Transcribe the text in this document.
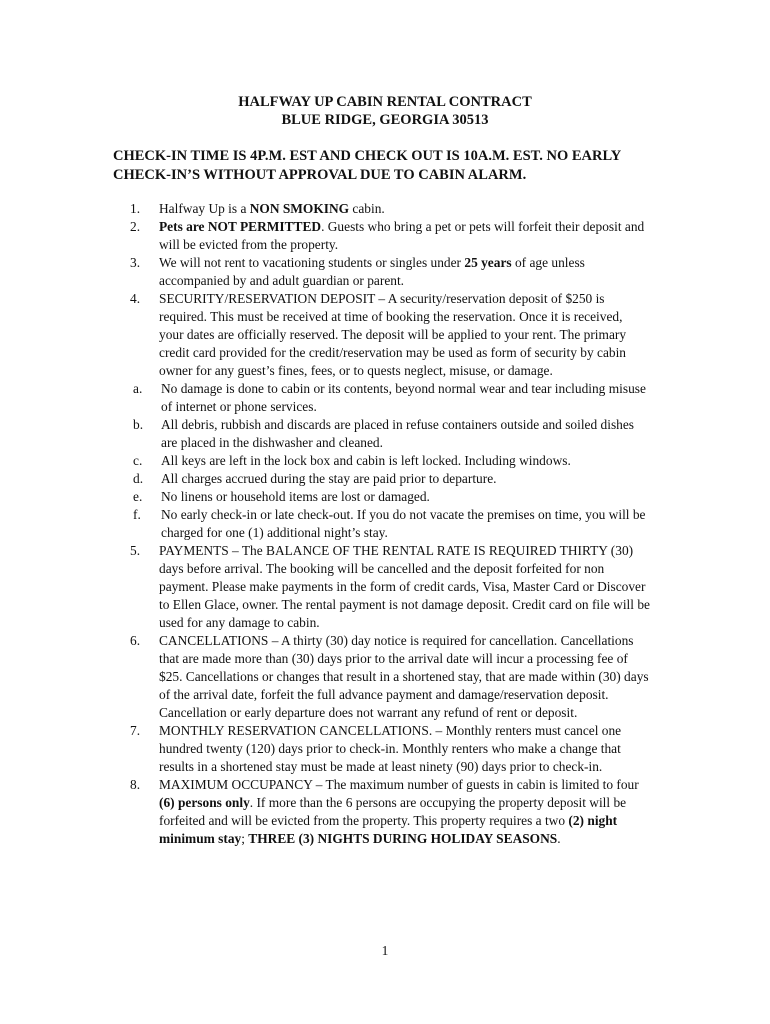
HALFWAY UP CABIN RENTAL CONTRACT
BLUE RIDGE, GEORGIA 30513
CHECK-IN TIME IS 4P.M. EST AND CHECK OUT IS 10A.M. EST. NO EARLY
CHECK-IN’S WITHOUT APPROVAL DUE TO CABIN ALARM.
1.	Halfway Up is a NON SMOKING cabin.
2.	Pets are NOT PERMITTED. Guests who bring a pet or pets will forfeit their deposit and will be evicted from the property.
3.	We will not rent to vacationing students or singles under 25 years of age unless accompanied by and adult guardian or parent.
4.	SECURITY/RESERVATION DEPOSIT – A security/reservation deposit of $250 is required. This must be received at time of booking the reservation. Once it is received, your dates are officially reserved. The deposit will be applied to your rent. The primary credit card provided for the credit/reservation may be used as form of security by cabin owner for any guest’s fines, fees, or to quests neglect, misuse, or damage.
a.	No damage is done to cabin or its contents, beyond normal wear and tear including misuse of internet or phone services.
b.	All debris, rubbish and discards are placed in refuse containers outside and soiled dishes are placed in the dishwasher and cleaned.
c.	All keys are left in the lock box and cabin is left locked. Including windows.
d.	All charges accrued during the stay are paid prior to departure.
e.	No linens or household items are lost or damaged.
f.	No early check-in or late check-out. If you do not vacate the premises on time, you will be charged for one (1) additional night’s stay.
5.	PAYMENTS – The BALANCE OF THE RENTAL RATE IS REQUIRED THIRTY (30) days before arrival. The booking will be cancelled and the deposit forfeited for non payment. Please make payments in the form of credit cards, Visa, Master Card or Discover to Ellen Glace, owner. The rental payment is not damage deposit. Credit card on file will be used for any damage to cabin.
6.	CANCELLATIONS – A thirty (30) day notice is required for cancellation. Cancellations that are made more than (30) days prior to the arrival date will incur a processing fee of $25. Cancellations or changes that result in a shortened stay, that are made within (30) days of the arrival date, forfeit the full advance payment and damage/reservation deposit. Cancellation or early departure does not warrant any refund of rent or deposit.
7.	MONTHLY RESERVATION CANCELLATIONS. – Monthly renters must cancel one hundred twenty (120) days prior to check-in. Monthly renters who make a change that results in a shortened stay must be made at least ninety (90) days prior to check-in.
8.	MAXIMUM OCCUPANCY – The maximum number of guests in cabin is limited to four (6) persons only. If more than the 6 persons are occupying the property deposit will be forfeited and will be evicted from the property. This property requires a two (2) night minimum stay; THREE (3) NIGHTS DURING HOLIDAY SEASONS.
1
